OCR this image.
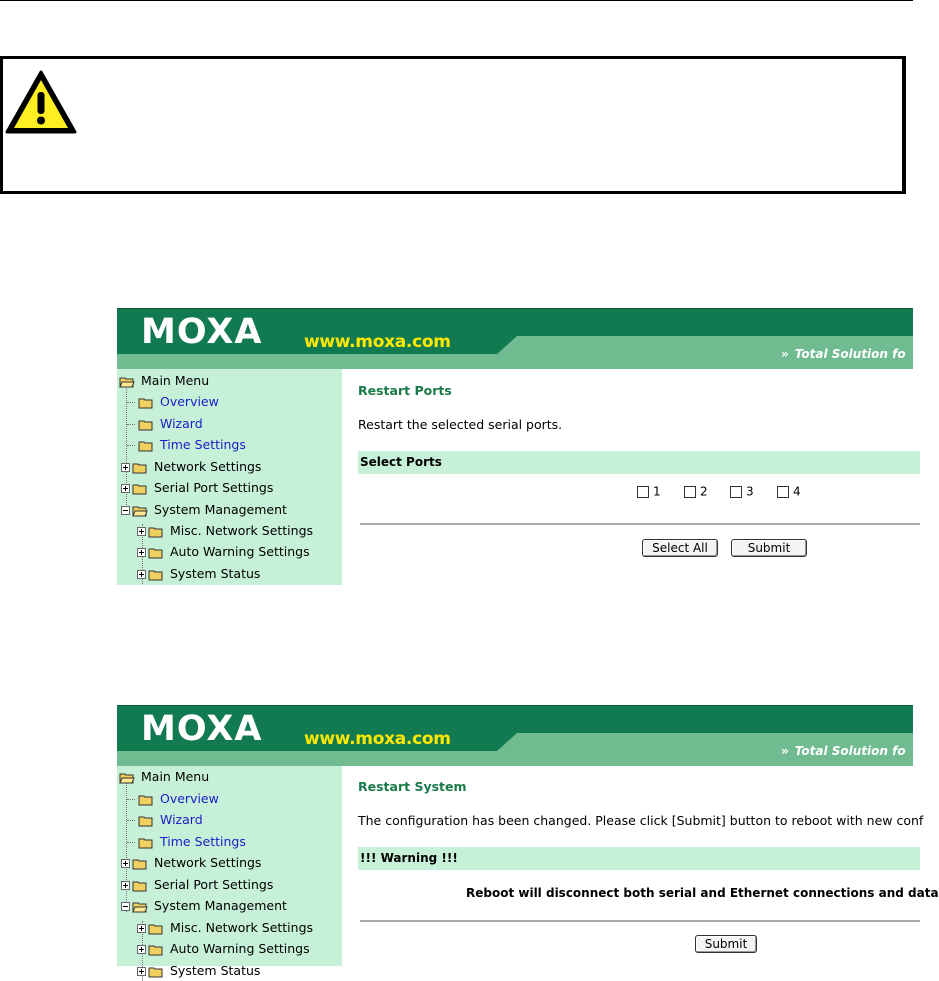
MOXA www.moxa.com
» Total Solution fo
Main Menu
Overview
Wizard
Time Settings
Network Settings
Serial Port Settings
System Management
Misc. Network Settings
Auto Warning Settings
System Status
Restart Ports
Restart the selected serial ports.
Select Ports
1	2	3	4
Select All	Submit
MOXA www.moxa.com
» Total Solution fo
Main Menu
Overview
Wizard
Time Settings
Network Settings
Serial Port Settings
System Management
Misc. Network Settings
Auto Warning Settings
System Status
Restart System
The configuration has been changed. Please click [Submit] button to reboot with new conf
!!! Warning !!!
Reboot will disconnect both serial and Ethernet connections and data
Submit
